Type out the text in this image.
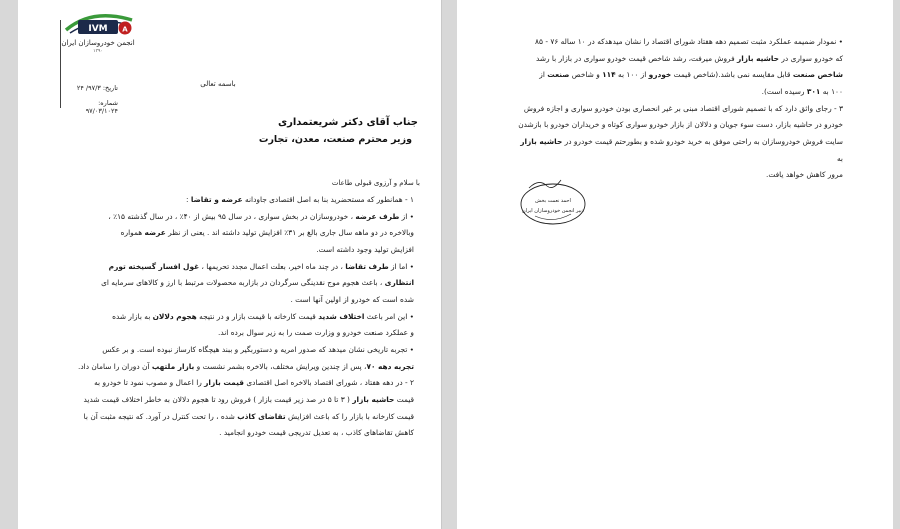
IVM A
انجمن خودروسازان ایران
۱۳۹۰
تاریخ: ۹۷/۳/ ۲۴
شماره: ۹۷/۰۳/۱۰۲۴
باسمه تعالی
جناب آقای دکتر شریعتمداری
وزیر محترم صنعت، معدن، تجارت
با سلام و آرزوی قبولی طاعات
۱ - همانطور که مستحضرید بنا به اصل اقتصادی جاودانه عرضه و تقاضا :
• از طرف عرضه ، خودروسازان در بخش سواری ، در سال ۹۵ بیش از ۴۰٪ ، در سال گذشته ۱۵٪ ،
وبالاخره در دو ماهه سال جاری بالغ بر ۳۱٪ افزایش تولید داشته اند . یعنی از نظر عرضه همواره
افزایش تولید وجود داشته است.
• اما از طرف تقاضا ، در چند ماه اخیر، بعلت اعمال مجدد تحریمها ، غول افسار گسیخته تورم
انتظاری ، باعث هجوم موج نقدینگی سرگردان در بازاربه محصولات مرتبط با ارز و کالاهای سرمایه ای
شده است که خودرو از اولین آنها است .
• این امر باعث اختلاف شدید قیمت کارخانه با قیمت بازار و در نتیجه هجوم دلالان به بازار شده
و عملکرد صنعت خودرو و وزارت صمت را به زیر سوال برده اند.
• تجربه تاریخی نشان میدهد که صدور امریه و دستوربگیر و ببند هیچگاه کارساز نبوده است. و بر عکس
تجربه دهه ۷۰، پس از چندین ویرایش مختلف، بالاخره بشمر نشست و بازار ملتهب آن دوران را سامان داد.
۲ - در دهه هفتاد ، شورای اقتصاد بالاخره اصل اقتصادی قیمت بازار را اعمال و مصوب نمود تا خودرو به
قیمت حاشیه بازار ( ۳ تا ۵ در صد زیر قیمت بازار ) فروش رود تا هجوم دلالان به خاطر اختلاف قیمت شدید
قیمت کارخانه با بازار را که باعث افزایش تقاضای کاذب شده ، را تحت کنترل در آورد. که نتیجه مثبت آن با
کاهش تقاضاهای کاذب ، به تعدیل تدریجی قیمت خودرو انجامید .
• نمودار ضمیمه عملکرد مثبت تصمیم دهه هفتاد شورای اقتصاد را نشان میدهدکه در ۱۰ ساله ۷۶ - ۸۵
که خودرو سواری در حاشیه بازار فروش میرفت، رشد شاخص قیمت خودرو سواری در بازار با رشد
شاخص صنعت قابل مقایسه نمی باشد.(شاخص قیمت خودرو از ۱۰۰ به ۱۱۴ و شاخص صنعت از
۱۰۰ به ۳۰۱ رسیده است).
۳ - رجای واثق دارد که با تصمیم شورای اقتصاد مبنی بر غیر انحصاری بودن خودرو سواری و اجازه فروش
خودرو در حاشیه بازار، دست سوء جویان و دلالان از بازار خودرو سواری کوتاه و خریداران خودرو با بازشدن
سایت فروش خودروسازان به راحتی موفق به خرید خودرو شده و بطورحتم قیمت خودرو در حاشیه بازار به
مرور کاهش خواهد یافت.
احمد نعمت بخش
دبیر انجمن خودروسازان ایران
